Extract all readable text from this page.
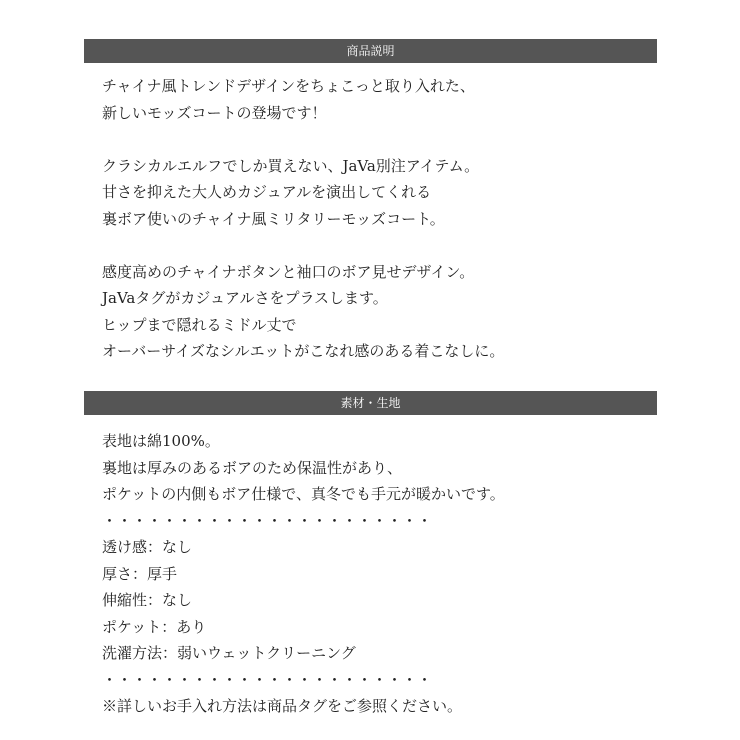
商品説明
チャイナ風トレンドデザインをちょこっと取り入れた、
新しいモッズコートの登場です！
クラシカルエルフでしか買えない、JaVa別注アイテム。
甘さを抑えた大人めカジュアルを演出してくれる
裏ボア使いのチャイナ風ミリタリーモッズコート。
感度高めのチャイナボタンと袖口のボア見せデザイン。
JaVaタグがカジュアルさをプラスします。
ヒップまで隠れるミドル丈で
オーバーサイズなシルエットがこなれ感のある着こなしに。
素材・生地
表地は綿100%。
裏地は厚みのあるボアのため保温性があり、
ポケットの内側もボア仕様で、真冬でも手元が暖かいです。
・・・・・・・・・・・・・・・・・・・・・・
透け感：なし
厚さ：厚手
伸縮性：なし
ポケット：あり
洗濯方法：弱いウェットクリーニング
・・・・・・・・・・・・・・・・・・・・・・
※詳しいお手入れ方法は商品タグをご参照ください。
